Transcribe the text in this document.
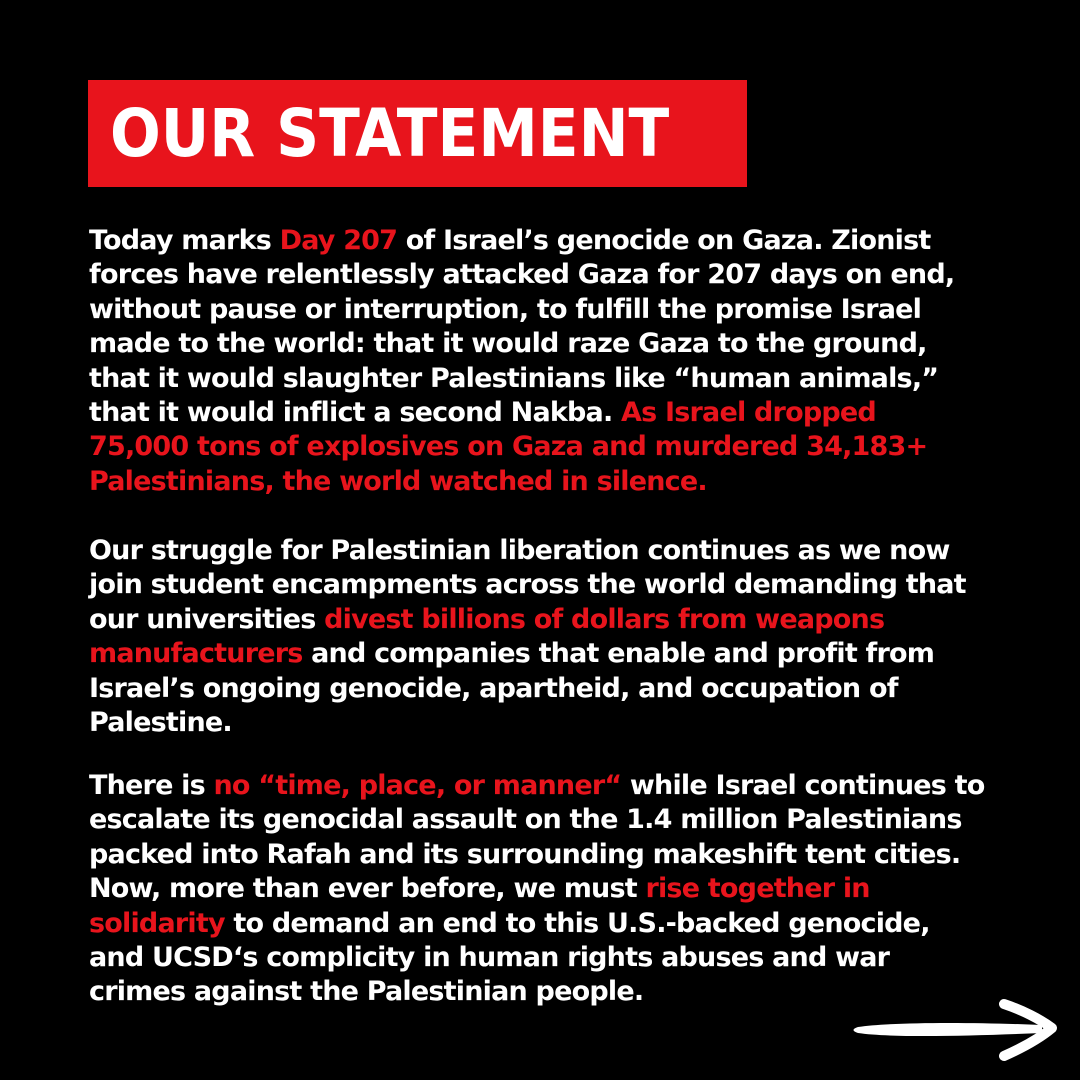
OUR STATEMENT
Today marks Day 207 of Israel’s genocide on Gaza. Zionist
forces have relentlessly attacked Gaza for 207 days on end,
without pause or interruption, to fulfill the promise Israel
made to the world: that it would raze Gaza to the ground,
that it would slaughter Palestinians like “human animals,”
that it would inflict a second Nakba. As Israel dropped
75,000 tons of explosives on Gaza and murdered 34,183+
Palestinians, the world watched in silence.
Our struggle for Palestinian liberation continues as we now
join student encampments across the world demanding that
our universities divest billions of dollars from weapons
manufacturers and companies that enable and profit from
Israel’s ongoing genocide, apartheid, and occupation of
Palestine.
There is no “time, place, or manner“ while Israel continues to
escalate its genocidal assault on the 1.4 million Palestinians
packed into Rafah and its surrounding makeshift tent cities.
Now, more than ever before, we must rise together in
solidarity to demand an end to this U.S.-backed genocide,
and UCSD‘s complicity in human rights abuses and war
crimes against the Palestinian people.
